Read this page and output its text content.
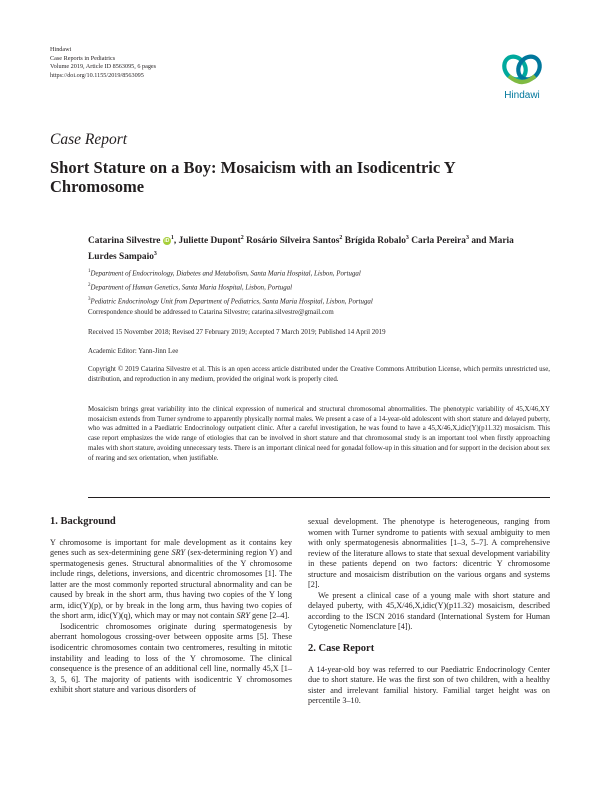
Hindawi
Case Reports in Pediatrics
Volume 2019, Article ID 8563095, 6 pages
https://doi.org/10.1155/2019/8563095
Hindawi
Case Report
Short Stature on a Boy: Mosaicism with an Isodicentric Y Chromosome
Catarina Silvestre iD $^1$, Juliette Dupont$^2$ Rosário Silveira Santos$^2$ Brígida Robalo$^3$ Carla Pereira$^3$ and Maria Lurdes Sampaio$^3$
$^1$Department of Endocrinology, Diabetes and Metabolism, Santa Maria Hospital, Lisbon, Portugal
$^2$Department of Human Genetics, Santa Maria Hospital, Lisbon, Portugal
$^3$Pediatric Endocrinology Unit from Department of Pediatrics, Santa Maria Hospital, Lisbon, Portugal
Correspondence should be addressed to Catarina Silvestre; catarina.silvestre@gmail.com
Received 15 November 2018; Revised 27 February 2019; Accepted 7 March 2019; Published 14 April 2019
Academic Editor: Yann-Jinn Lee
Copyright © 2019 Catarina Silvestre et al. This is an open access article distributed under the Creative Commons Attribution License, which permits unrestricted use, distribution, and reproduction in any medium, provided the original work is properly cited.
Mosaicism brings great variability into the clinical expression of numerical and structural chromosomal abnormalities. The phenotypic variability of 45,X/46,XY mosaicism extends from Turner syndrome to apparently physically normal males. We present a case of a 14-year-old adolescent with short stature and delayed puberty, who was admitted in a Paediatric Endocrinology outpatient clinic. After a careful investigation, he was found to have a 45,X/46,X,idic(Y)(p11.32) mosaicism. This case report emphasizes the wide range of etiologies that can be involved in short stature and that chromosomal study is an important tool when firstly approaching males with short stature, avoiding unnecessary tests. There is an important clinical need for gonadal follow-up in this situation and for support in the decision about sex of rearing and sex orientation, when justifiable.
1. Background

Y chromosome is important for male development as it contains key genes such as sex-determining gene SRY (sex-determining region Y) and spermatogenesis genes. Structural abnormalities of the Y chromosome include rings, deletions, inversions, and dicentric chromosomes [1]. The latter are the most commonly reported structural abnormality and can be caused by break in the short arm, thus having two copies of the Y long arm, idic(Y)(p), or by break in the long arm, thus having two copies of the short arm, idic(Y)(q), which may or may not contain SRY gene [2–4].

Isodicentric chromosomes originate during spermatogenesis by aberrant homologous crossing-over between opposite arms [5]. These isodicentric chromosomes contain two centromeres, resulting in mitotic instability and leading to loss of the Y chromosome. The clinical consequence is the presence of an additional cell line, normally 45,X [1–3, 5, 6]. The majority of patients with isodicentric Y chromosomes exhibit short stature and various disorders of

sexual development. The phenotype is heterogeneous, ranging from women with Turner syndrome to patients with sexual ambiguity to men with only spermatogenesis abnormalities [1–3, 5–7]. A comprehensive review of the literature allows to state that sexual development variability in these patients depend on two factors: dicentric Y chromosome structure and mosaicism distribution on the various organs and systems [2].

We present a clinical case of a young male with short stature and delayed puberty, with 45,X/46,X,idic(Y)(p11.32) mosaicism, described according to the ISCN 2016 standard (International System for Human Cytogenetic Nomenclature [4]).

2. Case Report

A 14-year-old boy was referred to our Paediatric Endocrinology Center due to short stature. He was the first son of two children, with a healthy sister and irrelevant familial history. Familial target height was on percentile 3–10.
